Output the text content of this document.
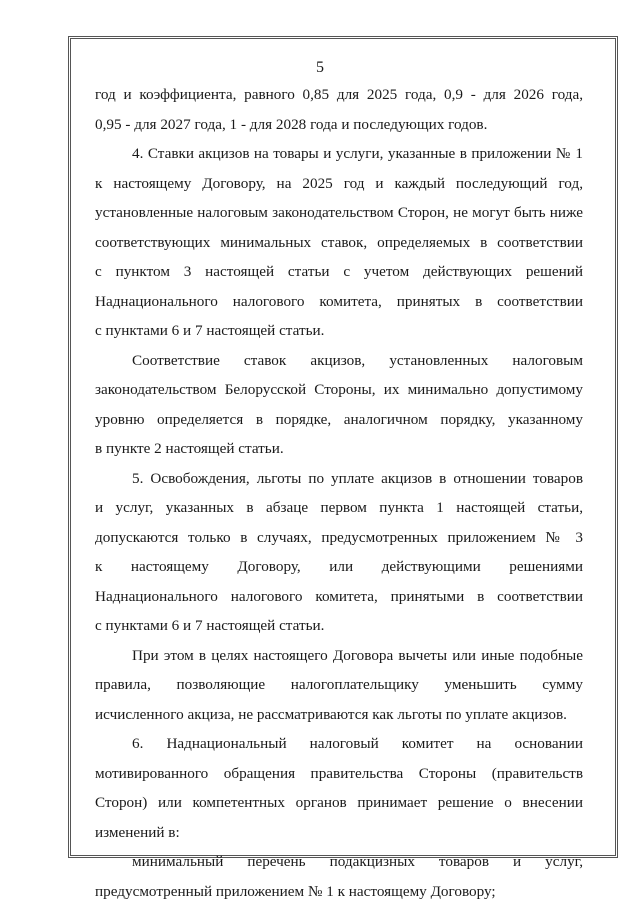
5
год и коэффициента, равного 0,85 для 2025 года, 0,9 - для 2026 года,
0,95 - для 2027 года, 1 - для 2028 года и последующих годов.
4. Ставки акцизов на товары и услуги, указанные в приложении № 1
к настоящему Договору, на 2025 год и каждый последующий год,
установленные налоговым законодательством Сторон, не могут быть ниже
соответствующих минимальных ставок, определяемых в соответствии
с пунктом 3 настоящей статьи с учетом действующих решений
Наднационального налогового комитета, принятых в соответствии
с пунктами 6 и 7 настоящей статьи.
Соответствие ставок акцизов, установленных налоговым
законодательством Белорусской Стороны, их минимально допустимому
уровню определяется в порядке, аналогичном порядку, указанному
в пункте 2 настоящей статьи.
5. Освобождения, льготы по уплате акцизов в отношении товаров
и услуг, указанных в абзаце первом пункта 1 настоящей статьи,
допускаются только в случаях, предусмотренных приложением № 3
к настоящему Договору, или действующими решениями
Наднационального налогового комитета, принятыми в соответствии
с пунктами 6 и 7 настоящей статьи.
При этом в целях настоящего Договора вычеты или иные подобные
правила, позволяющие налогоплательщику уменьшить сумму
исчисленного акциза, не рассматриваются как льготы по уплате акцизов.
6. Наднациональный налоговый комитет на основании
мотивированного обращения правительства Стороны (правительств
Сторон) или компетентных органов принимает решение о внесении
изменений в:
минимальный перечень подакцизных товаров и услуг,
предусмотренный приложением № 1 к настоящему Договору;
